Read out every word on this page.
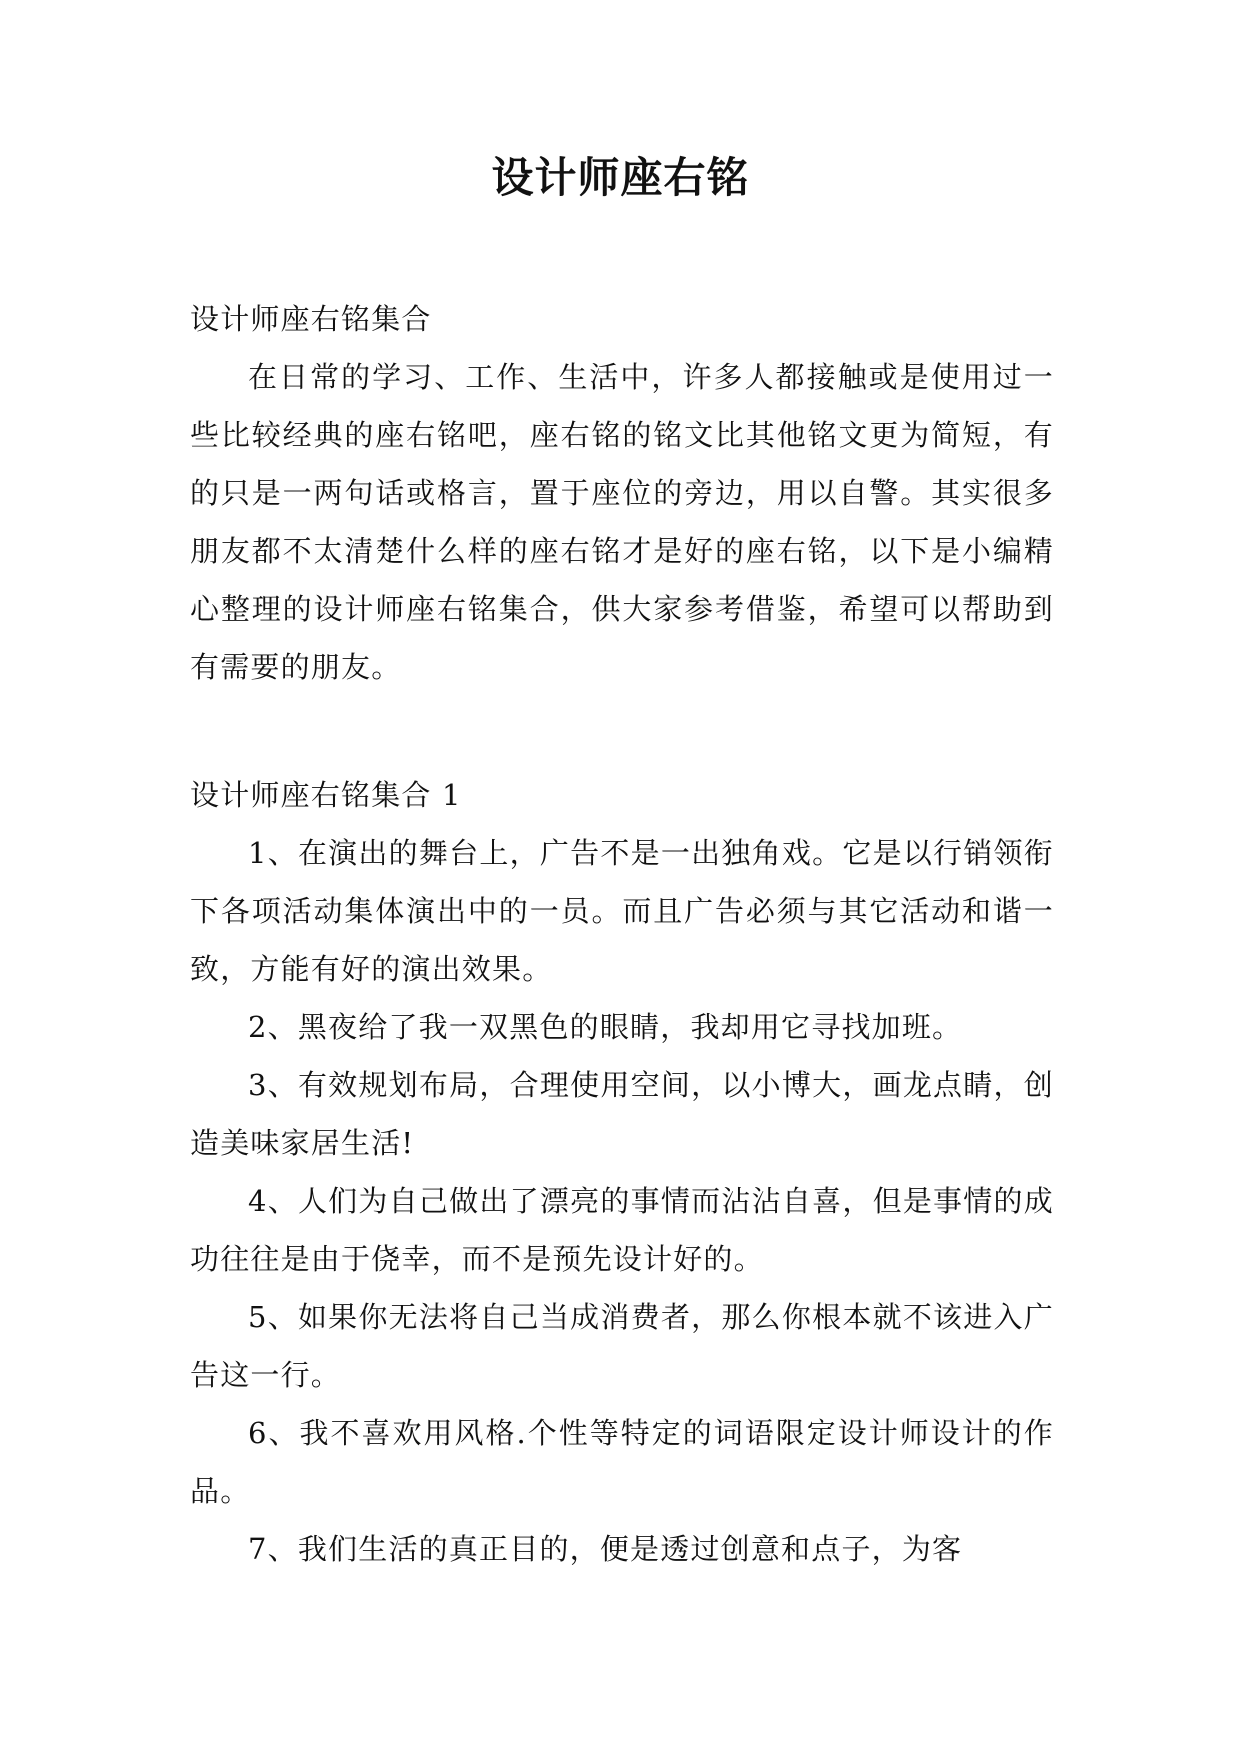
设计师座右铭

设计师座右铭集合

在日常的学习、工作、生活中，许多人都接触或是使用过一些比较经典的座右铭吧，座右铭的铭文比其他铭文更为简短，有的只是一两句话或格言，置于座位的旁边，用以自警。其实很多朋友都不太清楚什么样的座右铭才是好的座右铭，以下是小编精心整理的设计师座右铭集合，供大家参考借鉴，希望可以帮助到有需要的朋友。

设计师座右铭集合 1

1、在演出的舞台上，广告不是一出独角戏。它是以行销领衔下各项活动集体演出中的一员。而且广告必须与其它活动和谐一致，方能有好的演出效果。

2、黑夜给了我一双黑色的眼睛，我却用它寻找加班。

3、有效规划布局，合理使用空间，以小博大，画龙点睛，创造美味家居生活!

4、人们为自己做出了漂亮的事情而沾沾自喜，但是事情的成功往往是由于侥幸，而不是预先设计好的。

5、如果你无法将自己当成消费者，那么你根本就不该进入广告这一行。

6、我不喜欢用风格.个性等特定的词语限定设计师设计的作品。

7、我们生活的真正目的，便是透过创意和点子，为客
